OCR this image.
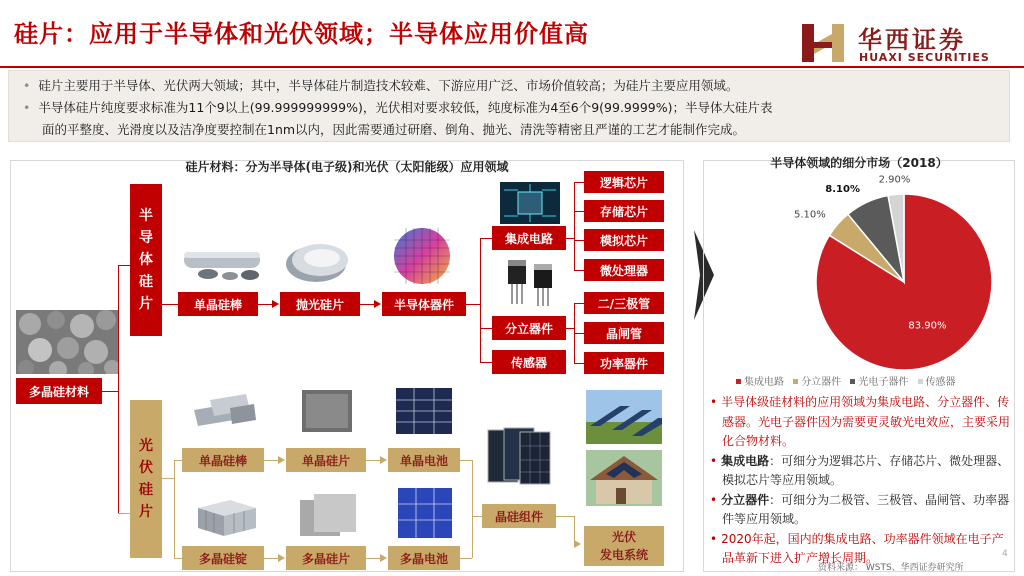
硅片：应用于半导体和光伏领域；半导体应用价值高	华西证券
HUAXI SECURITIES
• 硅片主要用于半导体、光伏两大领域；其中，半导体硅片制造技术较难、下游应用广泛、市场价值较高；为硅片主要应用领域。
• 半导体硅片纯度要求标准为11个9以上(99.999999999%)，光伏相对要求较低，纯度标准为4至6个9(99.9999%)；半导体大硅片表
面的平整度、光滑度以及洁净度要控制在1nm以内，因此需要通过研磨、倒角、抛光、清洗等精密且严谨的工艺才能制作完成。
硅片材料：分为半导体(电子级)和光伏（太阳能级）应用领域
多晶硅材料
半
导
体
硅
片	单晶硅棒	抛光硅片	半导体器件
集成电路
分立器件
传感器
逻辑芯片
存储芯片
模拟芯片
微处理器
二/三极管
晶闸管
功率器件
光
伏
硅
片
单晶硅棒	单晶硅片	单晶电池
多晶硅锭	多晶硅片	多晶电池
晶硅组件
光伏
发电系统
半导体领域的细分市场（2018）
83.90%
5.10%
8.10%
2.90%
集成电路 分立器件 光电子器件 传感器
• 半导体级硅材料的应用领域为集成电路、分立器件、传感器。光电子器件因为需要更灵敏光电效应，主要采用化合物材料。
• 集成电路：可细分为逻辑芯片、存储芯片、微处理器、模拟芯片等应用领域。
• 分立器件：可细分为二极管、三极管、晶闸管、功率器件等应用领域。
• 2020年起，国内的集成电路、功率器件领域在电子产品革新下进入扩产增长周期。
资料来源： WSTS、华西证券研究所
4
